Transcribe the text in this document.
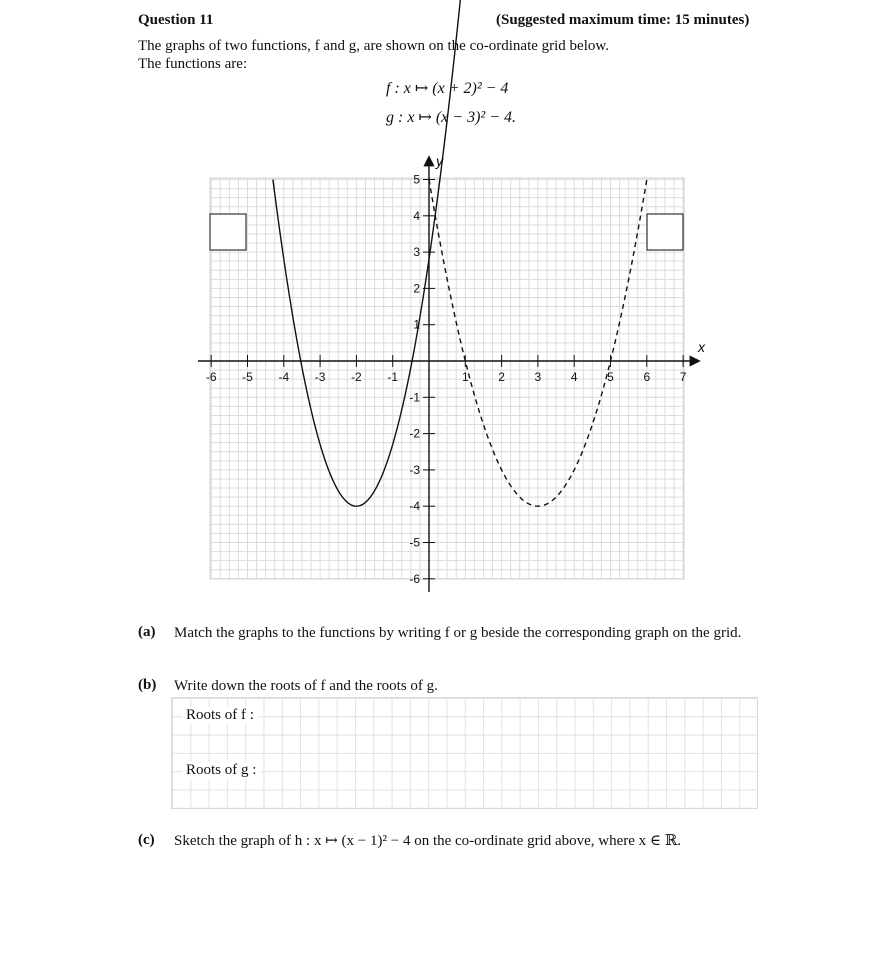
Question 11	(Suggested maximum time: 15 minutes)
The graphs of two functions, f and g, are shown on the co-ordinate grid below.
The functions are:
f : x ↦ (x + 2)² − 4
g : x ↦ (x − 3)² − 4.
x
y
-6 -5 -4 -3 -2 -1	1 2 3 4 5 6 7
5
4
3
2
1
-1
-2
-3
-4
-5
-6
(a) Match the graphs to the functions by writing f or g beside the corresponding graph on the grid.
(b) Write down the roots of f and the roots of g.
Roots of f :
Roots of g :
(c) Sketch the graph of h : x ↦ (x − 1)² − 4 on the co-ordinate grid above, where x ∈ ℝ.
